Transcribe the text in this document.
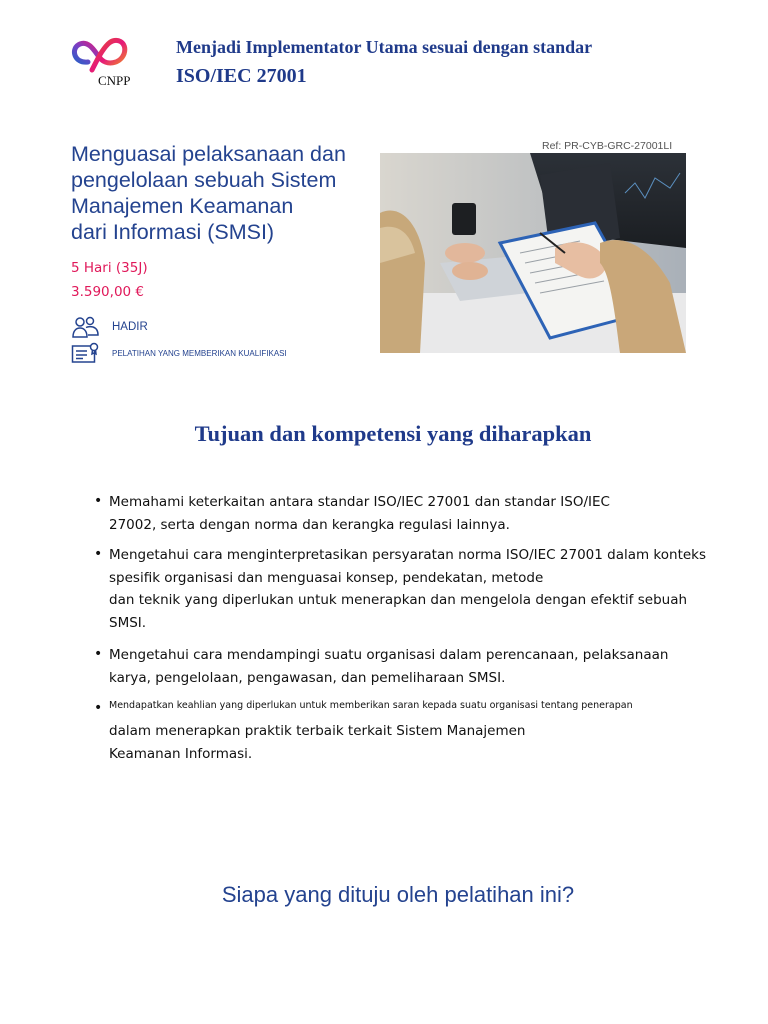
CNPP
Menjadi Implementator Utama sesuai dengan standar
ISO/IEC 27001
Menguasai pelaksanaan dan
pengelolaan sebuah Sistem
Manajemen Keamanan
dari Informasi (SMSI)
5 Hari (35J)
3.590,00 €
HADIR
PELATIHAN YANG MEMBERIKAN KUALIFIKASI
Ref: PR-CYB-GRC-27001LI
Tujuan dan kompetensi yang diharapkan
• Memahami keterkaitan antara standar ISO/IEC 27001 dan standar ISO/IEC
27002, serta dengan norma dan kerangka regulasi lainnya.
• Mengetahui cara menginterpretasikan persyaratan norma ISO/IEC 27001 dalam konteks
spesifik organisasi dan menguasai konsep, pendekatan, metode
dan teknik yang diperlukan untuk menerapkan dan mengelola dengan efektif sebuah
SMSI.
• Mengetahui cara mendampingi suatu organisasi dalam perencanaan, pelaksanaan
karya, pengelolaan, pengawasan, dan pemeliharaan SMSI.
• Mendapatkan keahlian yang diperlukan untuk memberikan saran kepada suatu organisasi tentang penerapan
dalam menerapkan praktik terbaik terkait Sistem Manajemen
Keamanan Informasi.
Siapa yang dituju oleh pelatihan ini?
